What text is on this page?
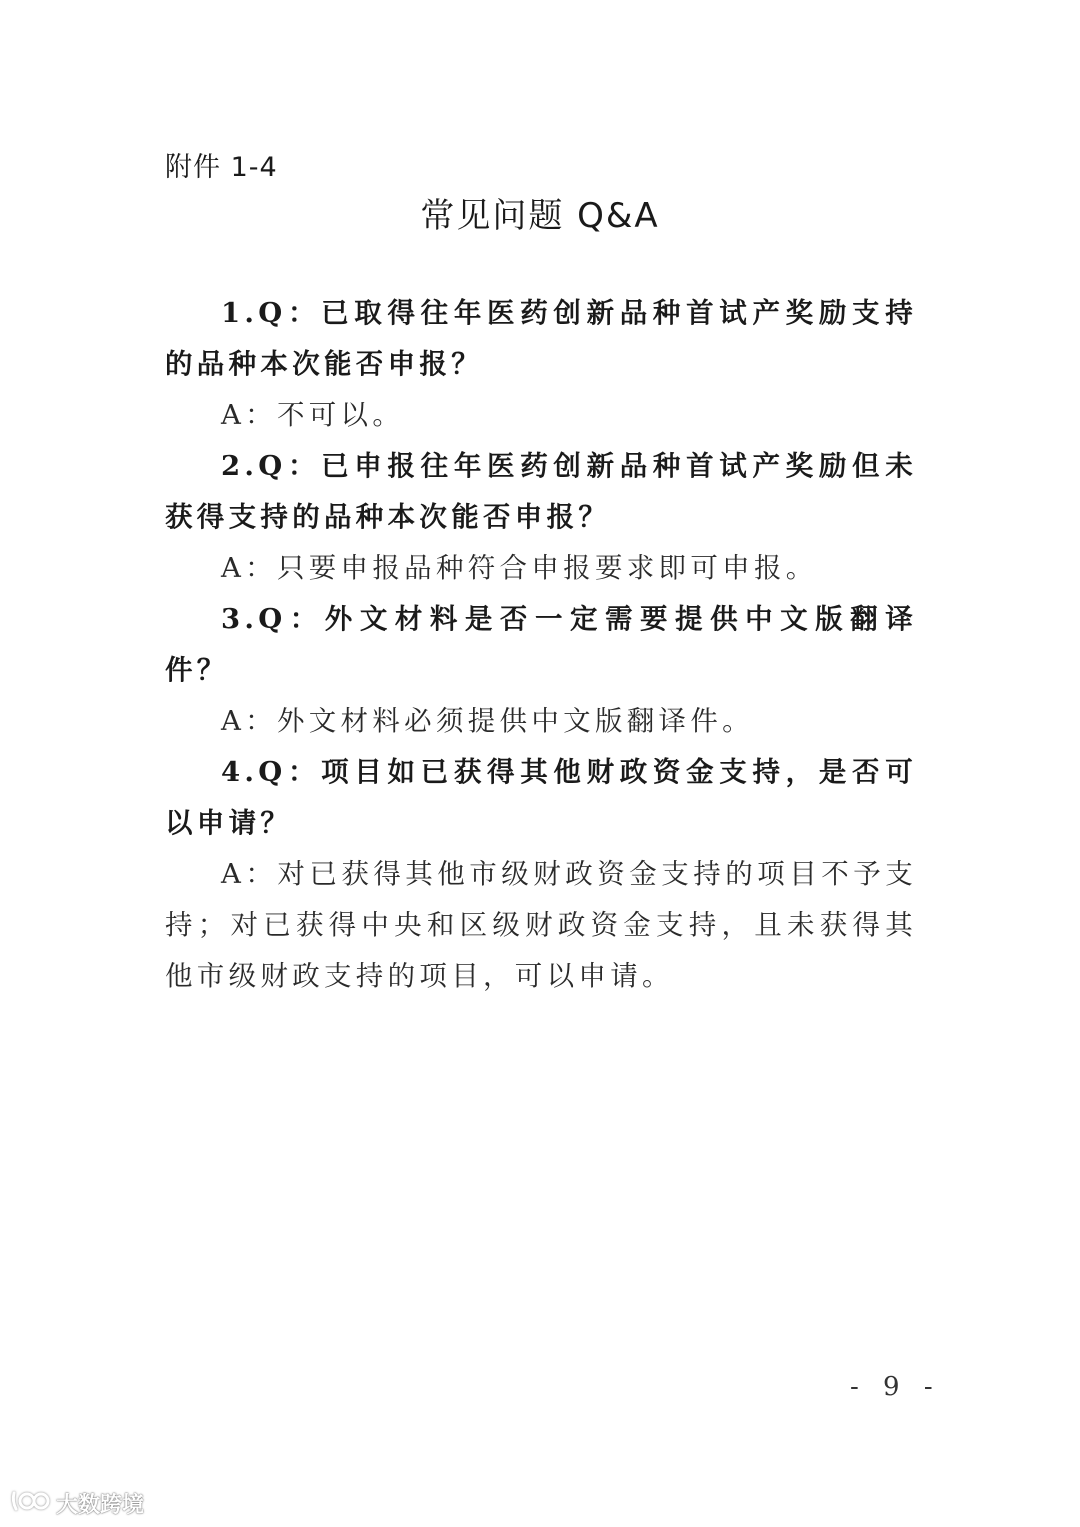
附件 1-4
常见问题 Q&A

1.Q：已取得往年医药创新品种首试产奖励支持的品种本次能否申报？

A：不可以。

2.Q：已申报往年医药创新品种首试产奖励但未获得支持的品种本次能否申报？

A：只要申报品种符合申报要求即可申报。

3.Q：外文材料是否一定需要提供中文版翻译件？

A：外文材料必须提供中文版翻译件。

4.Q：项目如已获得其他财政资金支持，是否可以申请？

A：对已获得其他市级财政资金支持的项目不予支持；对已获得中央和区级财政资金支持，且未获得其他市级财政支持的项目，可以申请。

- 9 -
大数跨境
